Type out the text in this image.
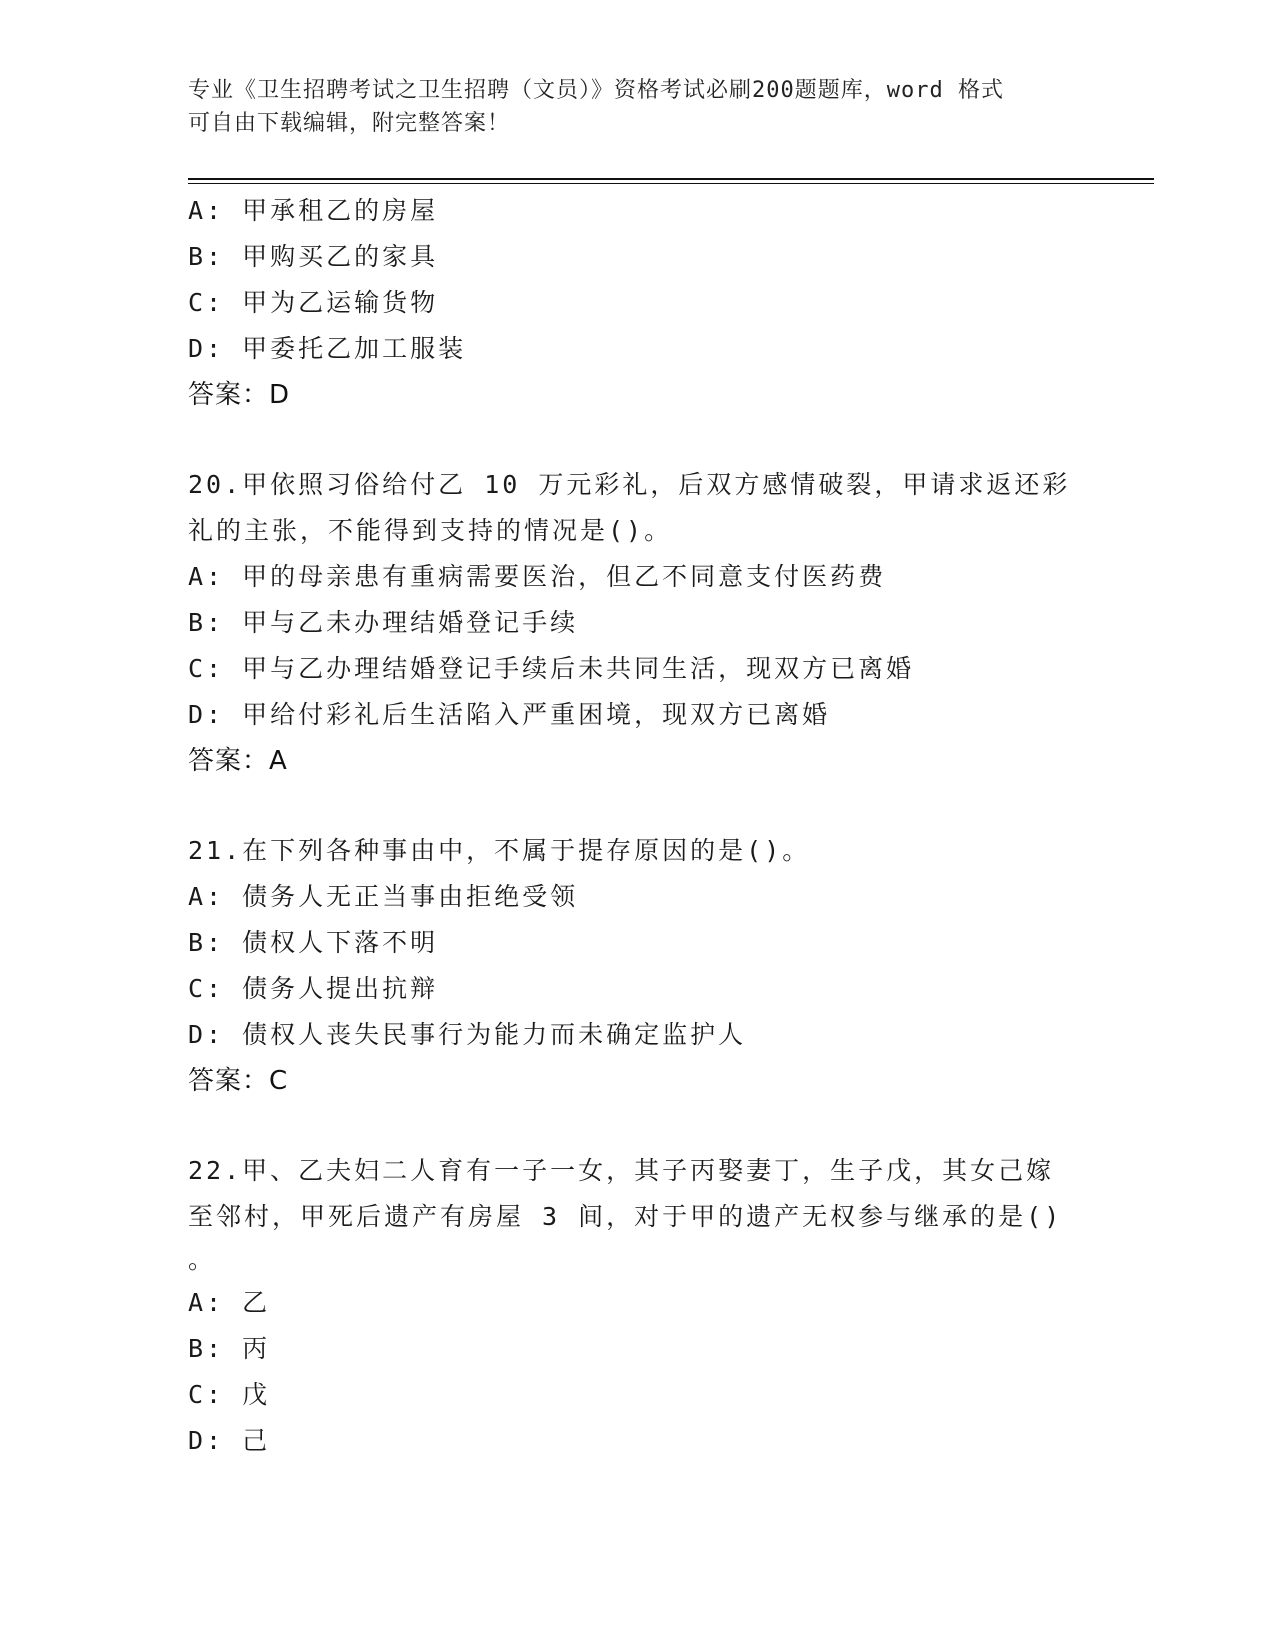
专业《卫生招聘考试之卫生招聘（文员）》资格考试必刷200题题库，word 格式
可自由下载编辑，附完整答案！
A: 甲承租乙的房屋
B: 甲购买乙的家具
C: 甲为乙运输货物
D: 甲委托乙加工服装
答案：D
20.甲依照习俗给付乙 10 万元彩礼，后双方感情破裂，甲请求返还彩
礼的主张，不能得到支持的情况是()。
A: 甲的母亲患有重病需要医治，但乙不同意支付医药费
B: 甲与乙未办理结婚登记手续
C: 甲与乙办理结婚登记手续后未共同生活，现双方已离婚
D: 甲给付彩礼后生活陷入严重困境，现双方已离婚
答案：A
21.在下列各种事由中，不属于提存原因的是()。
A: 债务人无正当事由拒绝受领
B: 债权人下落不明
C: 债务人提出抗辩
D: 债权人丧失民事行为能力而未确定监护人
答案：C
22.甲、乙夫妇二人育有一子一女，其子丙娶妻丁，生子戊，其女己嫁
至邻村，甲死后遗产有房屋 3 间，对于甲的遗产无权参与继承的是()
。
A: 乙
B: 丙
C: 戊
D: 己
